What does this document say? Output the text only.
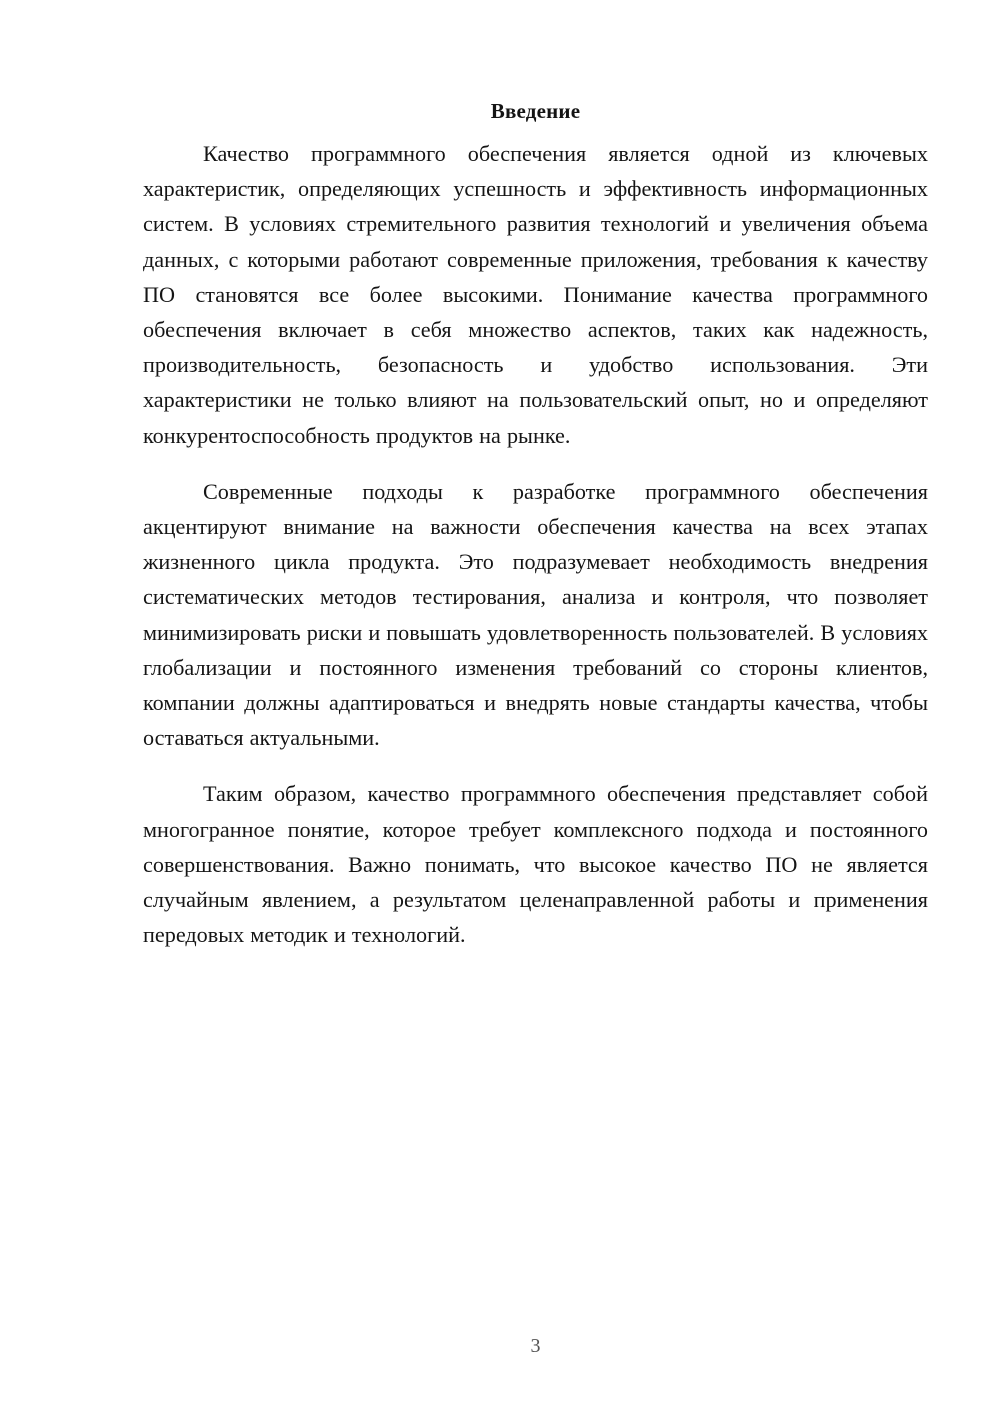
Введение

Качество программного обеспечения является одной из ключевых характеристик, определяющих успешность и эффективность информационных систем. В условиях стремительного развития технологий и увеличения объема данных, с которыми работают современные приложения, требования к качеству ПО становятся все более высокими. Понимание качества программного обеспечения включает в себя множество аспектов, таких как надежность, производительность, безопасность и удобство использования. Эти характеристики не только влияют на пользовательский опыт, но и определяют конкурентоспособность продуктов на рынке.

Современные подходы к разработке программного обеспечения акцентируют внимание на важности обеспечения качества на всех этапах жизненного цикла продукта. Это подразумевает необходимость внедрения систематических методов тестирования, анализа и контроля, что позволяет минимизировать риски и повышать удовлетворенность пользователей. В условиях глобализации и постоянного изменения требований со стороны клиентов, компании должны адаптироваться и внедрять новые стандарты качества, чтобы оставаться актуальными.

Таким образом, качество программного обеспечения представляет собой многогранное понятие, которое требует комплексного подхода и постоянного совершенствования. Важно понимать, что высокое качество ПО не является случайным явлением, а результатом целенаправленной работы и применения передовых методик и технологий.

3
